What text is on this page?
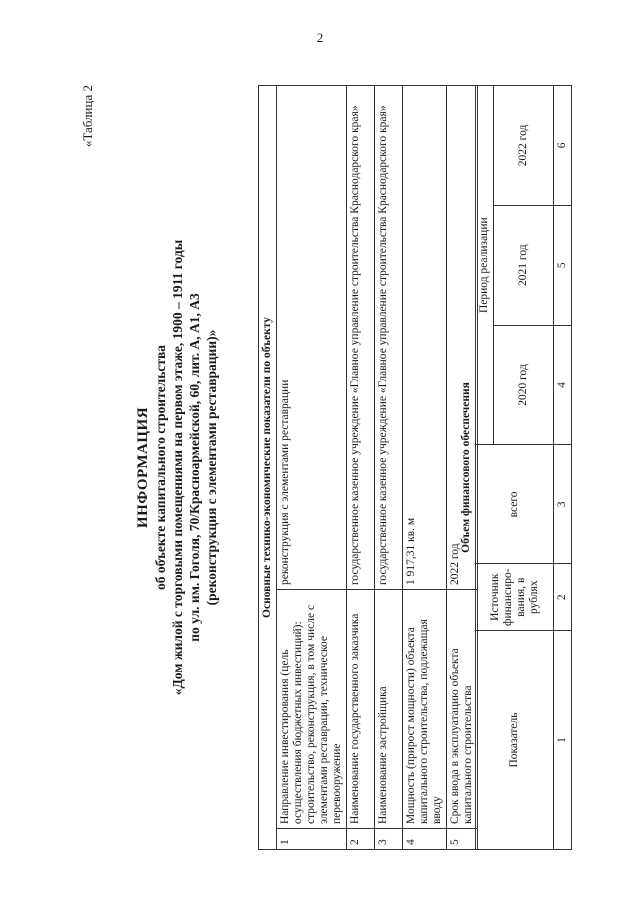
2
«Таблица 2
ИНФОРМАЦИЯ об объекте капитального строительства «Дом жилой с торговыми помещениями на первом этаже, 1900 – 1911 годы по ул. им. Гоголя, 70/Красноармейской, 60, лит. А, А1, А3 (реконструкция с элементами реставрации)»	Основные технико-экономические показатели по объекту		
1	Направление инвестирования (цель осуществления бюджетных инвестиций): строительство, реконструкция, в том числе с элементами реставрации, техническое перевооружение	реконструкция с элементами реставрации
2	Наименование государственного заказчика	государственное казенное учреждение «Главное управление строительства Краснодарского края»
3	Наименование застройщика	государственное казенное учреждение «Главное управление строительства Краснодарского края»
4	Мощность (прирост мощности) объекта капитального строительства, подлежащая вводу	1 917,31 кв. м
5	Срок ввода в эксплуатацию объекта капитального строительства	2022 год
Объем финансового обеспечения					
Показатель	Источник финансиро-вания, в рублях	всего	Период реализации		
			2020 год	2021 год	2022 год
1	2	3	4	5	6
